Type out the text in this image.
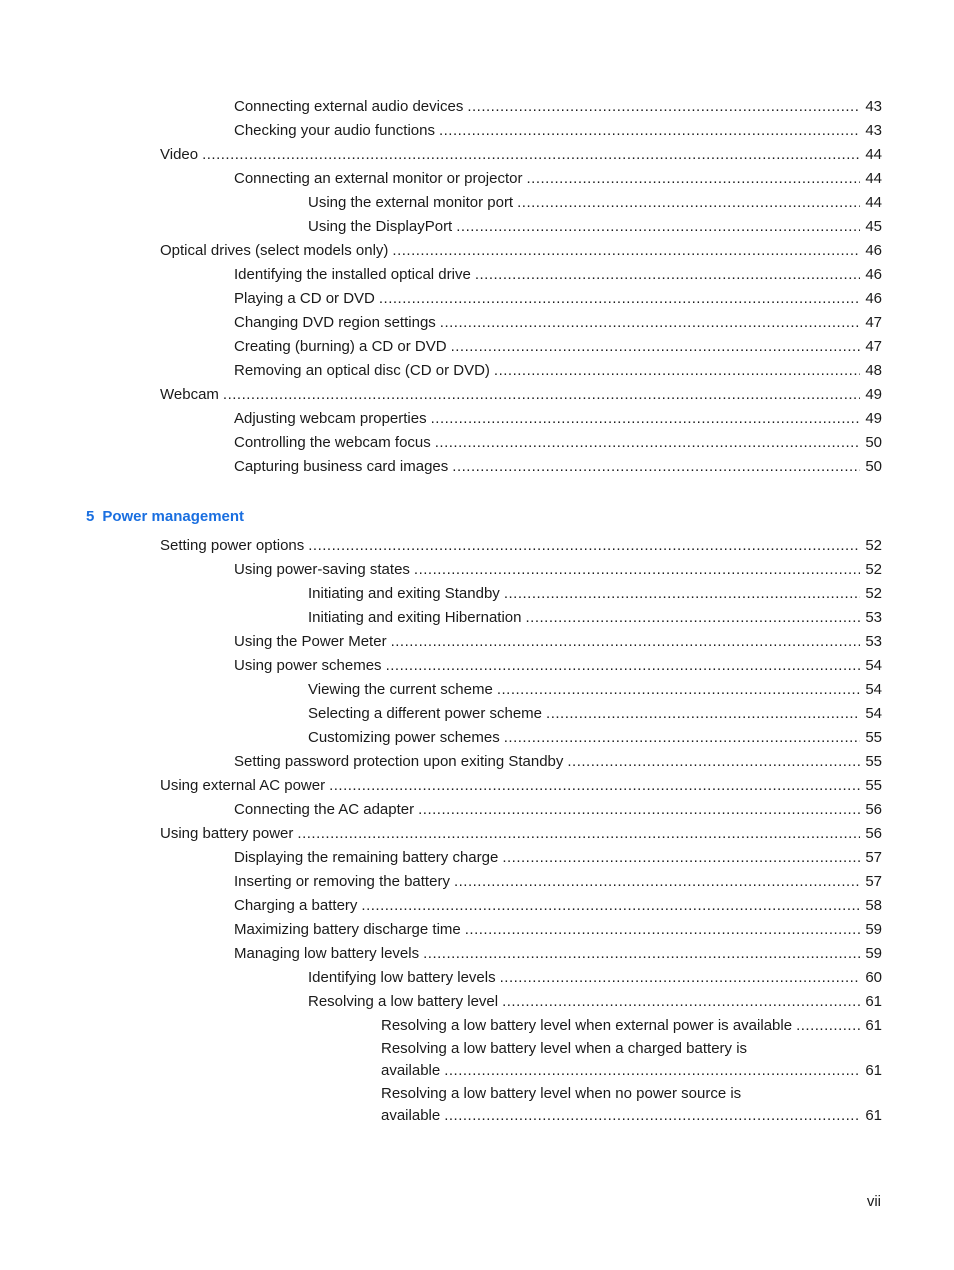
Connecting external audio devices .....	43
Checking your audio functions .....	43
Video .....	44
Connecting an external monitor or projector .....	44
Using the external monitor port .....	44
Using the DisplayPort .....	45
Optical drives (select models only) .....	46
Identifying the installed optical drive .....	46
Playing a CD or DVD .....	46
Changing DVD region settings .....	47
Creating (burning) a CD or DVD .....	47
Removing an optical disc (CD or DVD) .....	48
Webcam .....	49
Adjusting webcam properties .....	49
Controlling the webcam focus .....	50
Capturing business card images .....	50
5 Power management
Setting power options .....	52
Using power-saving states .....	52
Initiating and exiting Standby .....	52
Initiating and exiting Hibernation .....	53
Using the Power Meter .....	53
Using power schemes .....	54
Viewing the current scheme .....	54
Selecting a different power scheme .....	54
Customizing power schemes .....	55
Setting password protection upon exiting Standby .....	55
Using external AC power .....	55
Connecting the AC adapter .....	56
Using battery power .....	56
Displaying the remaining battery charge .....	57
Inserting or removing the battery .....	57
Charging a battery .....	58
Maximizing battery discharge time .....	59
Managing low battery levels .....	59
Identifying low battery levels .....	60
Resolving a low battery level .....	61
Resolving a low battery level when external power is available .....	61
Resolving a low battery level when a charged battery is
available .....	61
Resolving a low battery level when no power source is
available .....	61
vii
